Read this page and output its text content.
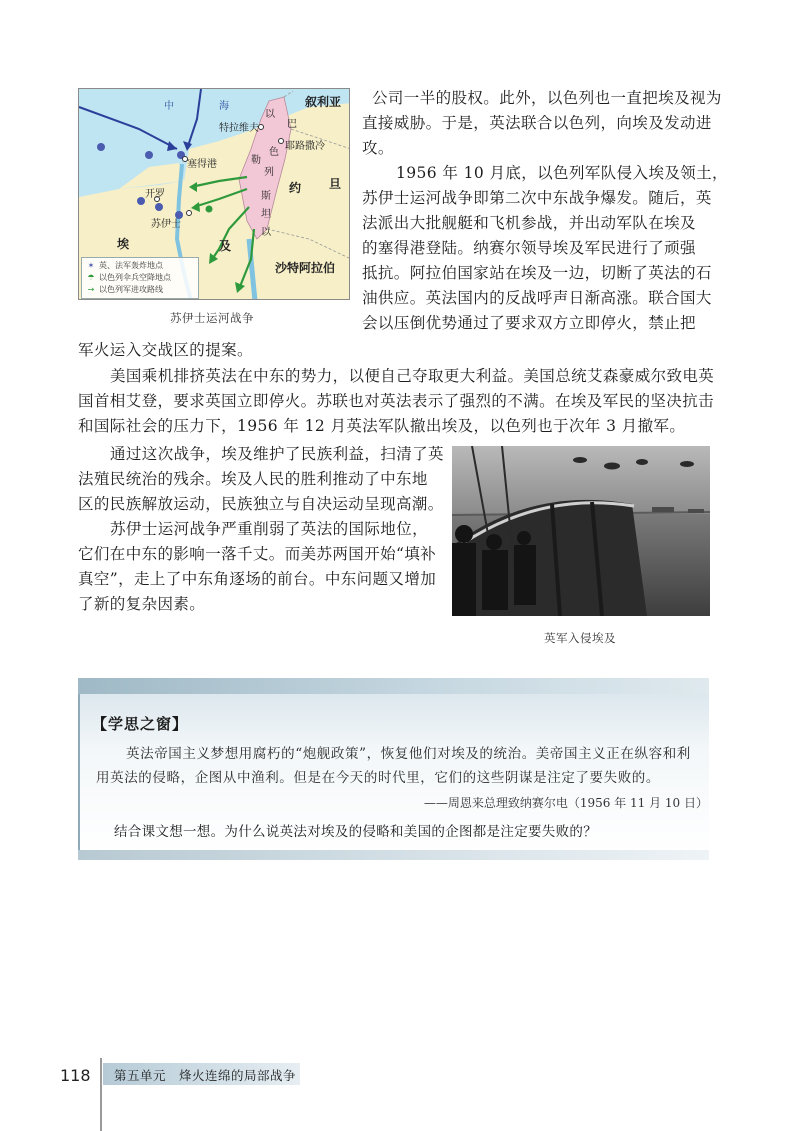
中	海	叙利亚
以
巴
特拉维夫
耶路撒冷
色
列
勒
斯
坦
以
约 旦
塞得港
开罗
苏伊士
埃	及
沙特阿拉伯
✶ 英、法军轰炸地点
☂ 以色列伞兵空降地点
→ 以色列军进攻路线
苏伊士运河战争
公司一半的股权。此外，以色列也一直把埃及视为
直接威胁。于是，英法联合以色列，向埃及发动进
攻。
1956 年 10 月底，以色列军队侵入埃及领土，
苏伊士运河战争即第二次中东战争爆发。随后，英
法派出大批舰艇和飞机参战，并出动军队在埃及
的塞得港登陆。纳赛尔领导埃及军民进行了顽强
抵抗。阿拉伯国家站在埃及一边，切断了英法的石
油供应。英法国内的反战呼声日渐高涨。联合国大
会以压倒优势通过了要求双方立即停火，禁止把
军火运入交战区的提案。
美国乘机排挤英法在中东的势力，以便自己夺取更大利益。美国总统艾森豪威尔致电英
国首相艾登，要求英国立即停火。苏联也对英法表示了强烈的不满。在埃及军民的坚决抗击
和国际社会的压力下，1956 年 12 月英法军队撤出埃及，以色列也于次年 3 月撤军。
通过这次战争，埃及维护了民族利益，扫清了英
法殖民统治的残余。埃及人民的胜利推动了中东地
区的民族解放运动，民族独立与自决运动呈现高潮。
苏伊士运河战争严重削弱了英法的国际地位，
它们在中东的影响一落千丈。而美苏两国开始“填补
真空”，走上了中东角逐场的前台。中东问题又增加
了新的复杂因素。
英军入侵埃及
【学思之窗】
英法帝国主义梦想用腐朽的“炮舰政策”，恢复他们对埃及的统治。美帝国主义正在纵容和利
用英法的侵略，企图从中渔利。但是在今天的时代里，它们的这些阴谋是注定了要失败的。
——周恩来总理致纳赛尔电（1956 年 11 月 10 日）
结合课文想一想。为什么说英法对埃及的侵略和美国的企图都是注定要失败的？
118 第五单元　烽火连绵的局部战争
